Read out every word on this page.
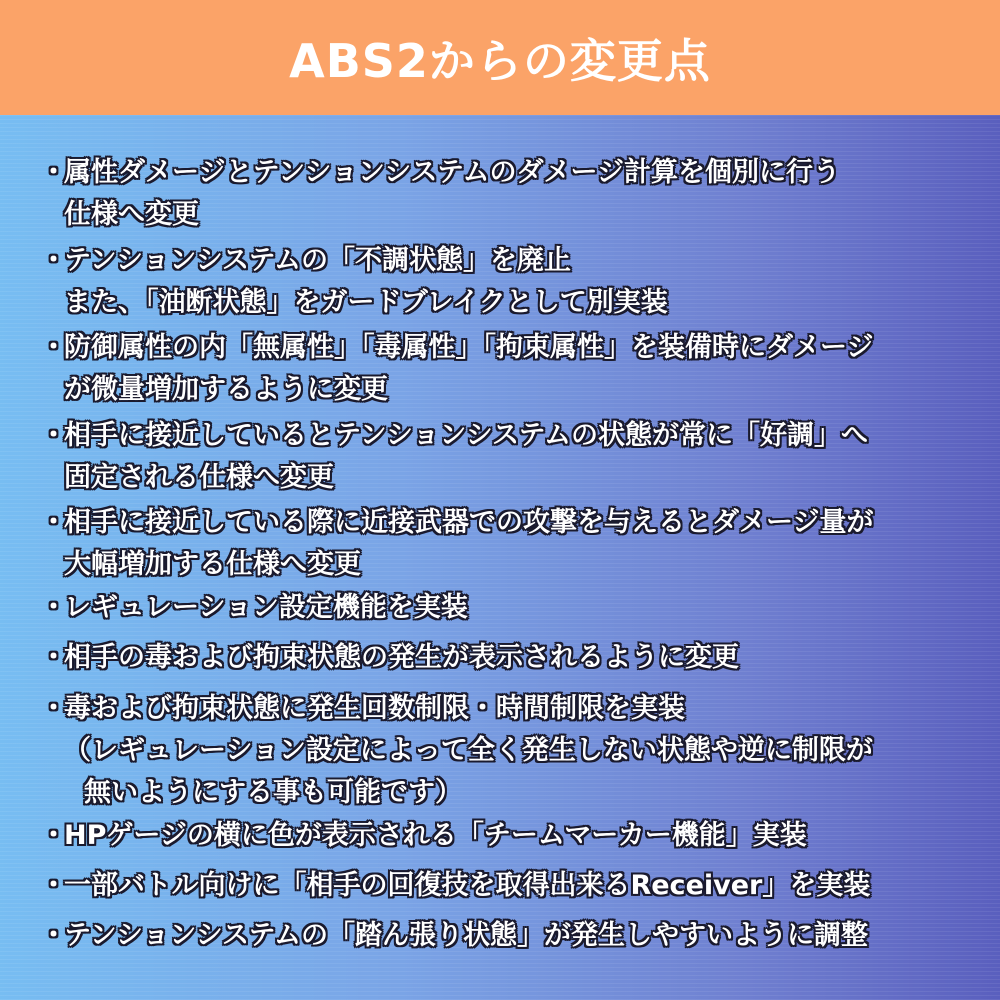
ABS2からの変更点
・
属性ダメージとテンションシステムのダメージ計算を個別に行う
仕様へ変更
・
テンションシステムの「不調状態」を廃止
また、「油断状態」をガードブレイクとして別実装
・
防御属性の内「無属性」「毒属性」「拘束属性」を装備時にダメージ
が微量増加するように変更
・
相手に接近しているとテンションシステムの状態が常に「好調」へ
固定される仕様へ変更
・
相手に接近している際に近接武器での攻撃を与えるとダメージ量が
大幅増加する仕様へ変更
・
レギュレーション設定機能を実装
・
相手の毒および拘束状態の発生が表示されるように変更
・
毒および拘束状態に発生回数制限・時間制限を実装
（レギュレーション設定によって全く発生しない状態や逆に制限が
無いようにする事も可能です）
・
HPゲージの横に色が表示される「チームマーカー機能」実装
・
一部バトル向けに「相手の回復技を取得出来るReceiver」を実装
・
テンションシステムの「踏ん張り状態」が発生しやすいように調整
